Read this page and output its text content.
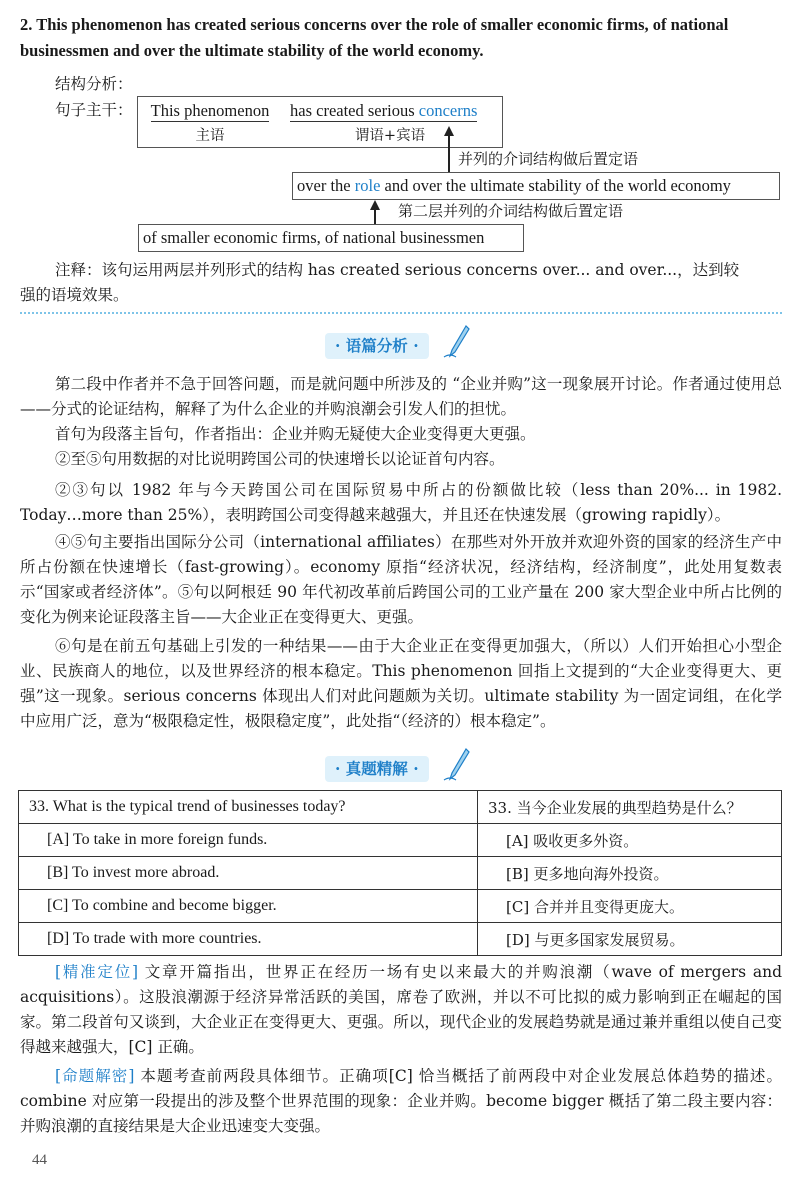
2. This phenomenon has created serious concerns over the role of smaller economic firms, of national businessmen and over the ultimate stability of the world economy.
结构分析：
句子主干： This phenomenon
主语
has created serious concerns
谓语+宾语
并列的介词结构做后置定语
over the role and over the ultimate stability of the world economy
第二层并列的介词结构做后置定语
of smaller economic firms, of national businessmen
注释：该句运用两层并列形式的结构 has created serious concerns over... and over...，达到较
强的语境效果。
· 语篇分析 ·
第二段中作者并不急于回答问题，而是就问题中所涉及的 “企业并购”这一现象展开讨论。作者通过使用总——分式的论证结构，解释了为什么企业的并购浪潮会引发人们的担忧。
首句为段落主旨句，作者指出：企业并购无疑使大企业变得更大更强。
②至⑤句用数据的对比说明跨国公司的快速增长以论证首句内容。
②③句以 1982 年与今天跨国公司在国际贸易中所占的份额做比较（less than 20%... in 1982. Today…more than 25%），表明跨国公司变得越来越强大，并且还在快速发展（growing rapidly）。
④⑤句主要指出国际分公司（international affiliates）在那些对外开放并欢迎外资的国家的经济生产中所占份额在快速增长（fast-growing）。economy 原指“经济状况，经济结构，经济制度”，此处用复数表示“国家或者经济体”。⑤句以阿根廷 90 年代初改革前后跨国公司的工业产量在 200 家大型企业中所占比例的变化为例来论证段落主旨——大企业正在变得更大、更强。
⑥句是在前五句基础上引发的一种结果——由于大企业正在变得更加强大，（所以）人们开始担心小型企业、民族商人的地位，以及世界经济的根本稳定。This phenomenon 回指上文提到的“大企业变得更大、更强”这一现象。serious concerns 体现出人们对此问题颇为关切。ultimate stability 为一固定词组，在化学中应用广泛，意为“极限稳定性，极限稳定度”，此处指“（经济的）根本稳定”。
· 真题精解 ·
33. What is the typical trend of businesses today?	33. 当今企业发展的典型趋势是什么？
[A] To take in more foreign funds.	[A] 吸收更多外资。
[B] To invest more abroad.	[B] 更多地向海外投资。
[C] To combine and become bigger.	[C] 合并并且变得更庞大。
[D] To trade with more countries.	[D] 与更多国家发展贸易。
[精准定位] 文章开篇指出，世界正在经历一场有史以来最大的并购浪潮（wave of mergers and acquisitions）。这股浪潮源于经济异常活跃的美国，席卷了欧洲，并以不可比拟的威力影响到正在崛起的国家。第二段首句又谈到，大企业正在变得更大、更强。所以，现代企业的发展趋势就是通过兼并重组以使自己变得越来越强大，[C] 正确。
[命题解密] 本题考查前两段具体细节。正确项[C] 恰当概括了前两段中对企业发展总体趋势的描述。combine 对应第一段提出的涉及整个世界范围的现象：企业并购。become bigger 概括了第二段主要内容：并购浪潮的直接结果是大企业迅速变大变强。
44
